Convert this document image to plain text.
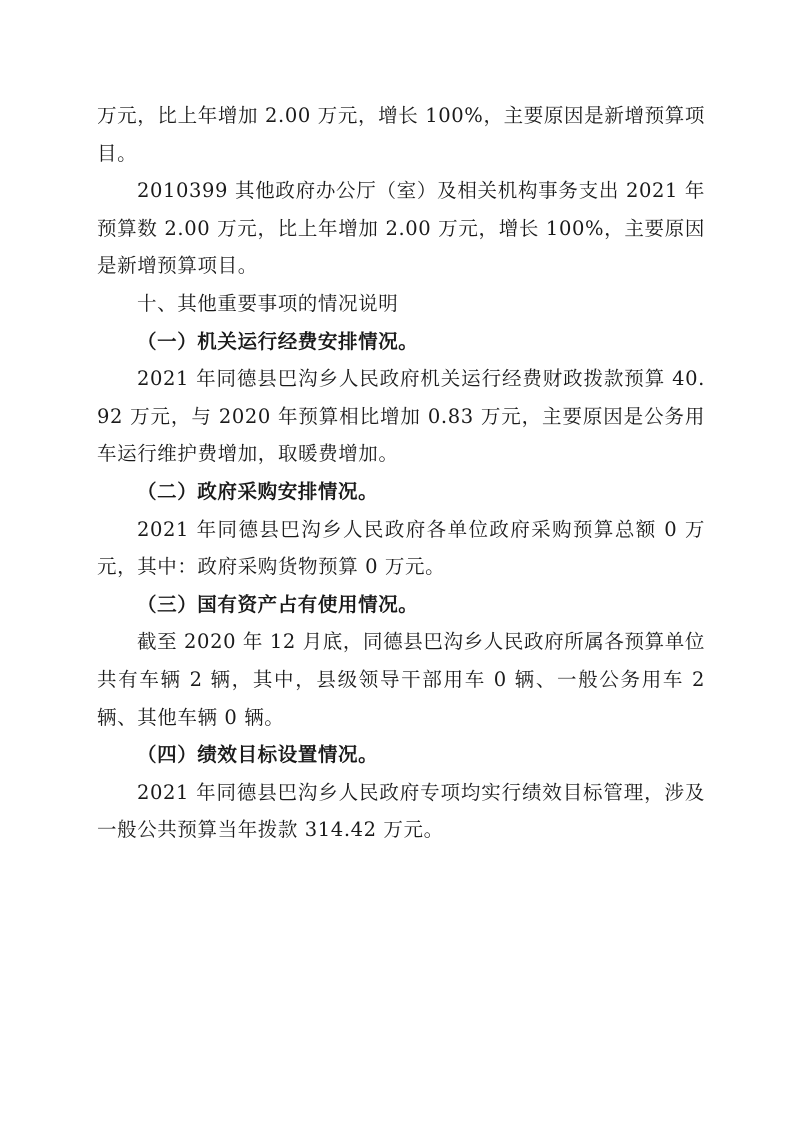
万元，比上年增加 2.00 万元，增长 100%，主要原因是新增预算项目。

2010399 其他政府办公厅（室）及相关机构事务支出 2021 年预算数 2.00 万元，比上年增加 2.00 万元，增长 100%，主要原因是新增预算项目。

十、其他重要事项的情况说明

（一）机关运行经费安排情况。

2021 年同德县巴沟乡人民政府机关运行经费财政拨款预算 40.92 万元，与 2020 年预算相比增加 0.83 万元，主要原因是公务用车运行维护费增加，取暖费增加。

（二）政府采购安排情况。

2021 年同德县巴沟乡人民政府各单位政府采购预算总额 0 万元，其中：政府采购货物预算 0 万元。

（三）国有资产占有使用情况。

截至 2020 年 12 月底，同德县巴沟乡人民政府所属各预算单位共有车辆 2 辆，其中，县级领导干部用车 0 辆、一般公务用车 2 辆、其他车辆 0 辆。

（四）绩效目标设置情况。

2021 年同德县巴沟乡人民政府专项均实行绩效目标管理，涉及一般公共预算当年拨款 314.42 万元。
